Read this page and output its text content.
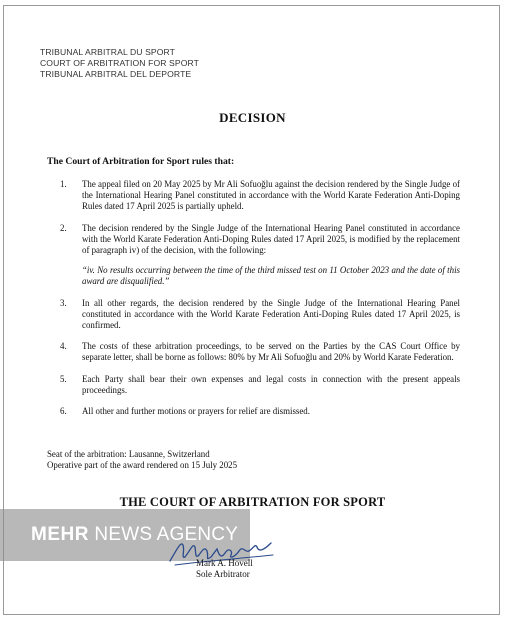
TRIBUNAL ARBITRAL DU SPORT
COURT OF ARBITRATION FOR SPORT
TRIBUNAL ARBITRAL DEL DEPORTE
DECISION
The Court of Arbitration for Sport rules that:
1.	The appeal filed on 20 May 2025 by Mr Ali Sofuoğlu against the decision rendered by the Single Judge of the International Hearing Panel constituted in accordance with the World Karate Federation Anti-Doping Rules dated 17 April 2025 is partially upheld.
2.	The decision rendered by the Single Judge of the International Hearing Panel constituted in accordance with the World Karate Federation Anti-Doping Rules dated 17 April 2025, is modified by the replacement of paragraph iv) of the decision, with the following:
“iv. No results occurring between the time of the third missed test on 11 October 2023 and the date of this award are disqualified.”
3.	In all other regards, the decision rendered by the Single Judge of the International Hearing Panel constituted in accordance with the World Karate Federation Anti-Doping Rules dated 17 April 2025, is confirmed.
4.	The costs of these arbitration proceedings, to be served on the Parties by the CAS Court Office by separate letter, shall be borne as follows: 80% by Mr Ali Sofuoğlu and 20% by World Karate Federation.
5.	Each Party shall bear their own expenses and legal costs in connection with the present appeals proceedings.
6.	All other and further motions or prayers for relief are dismissed.
Seat of the arbitration: Lausanne, Switzerland
Operative part of the award rendered on 15 July 2025
THE COURT OF ARBITRATION FOR SPORT
MEHR NEWS AGENCY
Mark A. Hovell
Sole Arbitrator
